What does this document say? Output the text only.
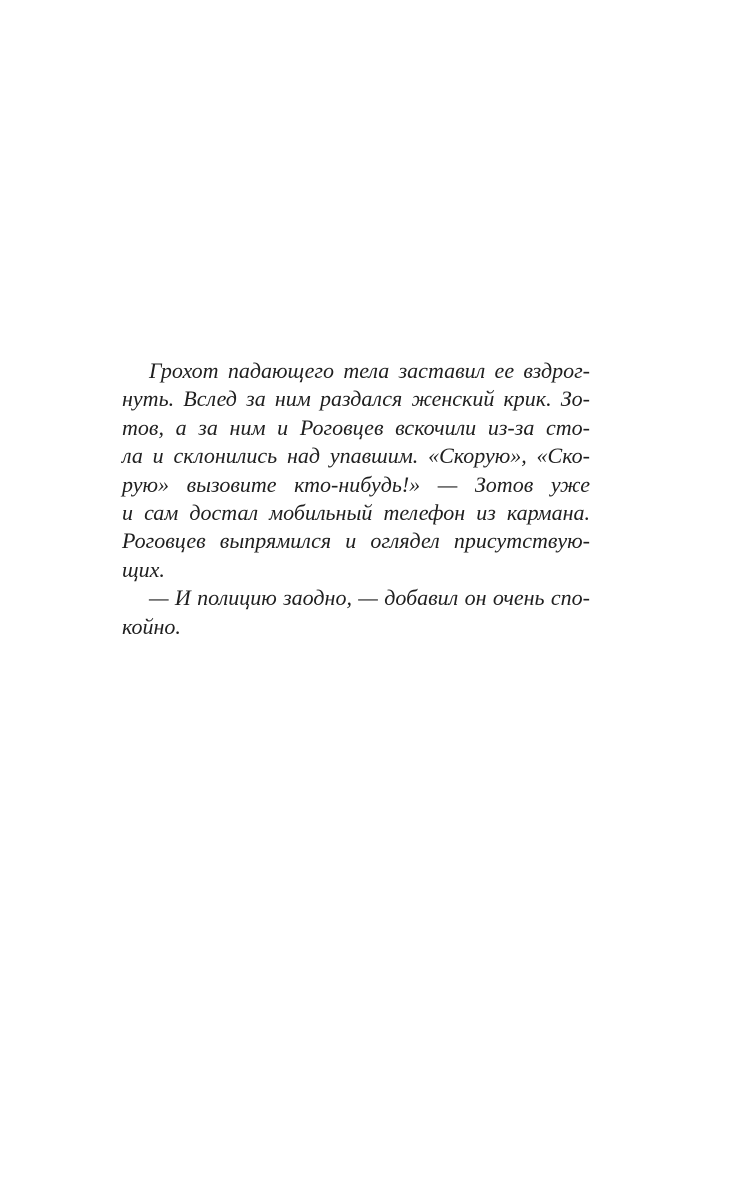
Грохот падающего тела заставил ее вздрог-
нуть. Вслед за ним раздался женский крик. Зо-
тов, а за ним и Роговцев вскочили из-за сто-
ла и склонились над упавшим. «Скорую», «Ско-
рую» вызовите кто-нибудь!» — Зотов уже
и сам достал мобильный телефон из кармана.
Роговцев выпрямился и оглядел присутствую-
щих.
— И полицию заодно, — добавил он очень спо-
койно.
